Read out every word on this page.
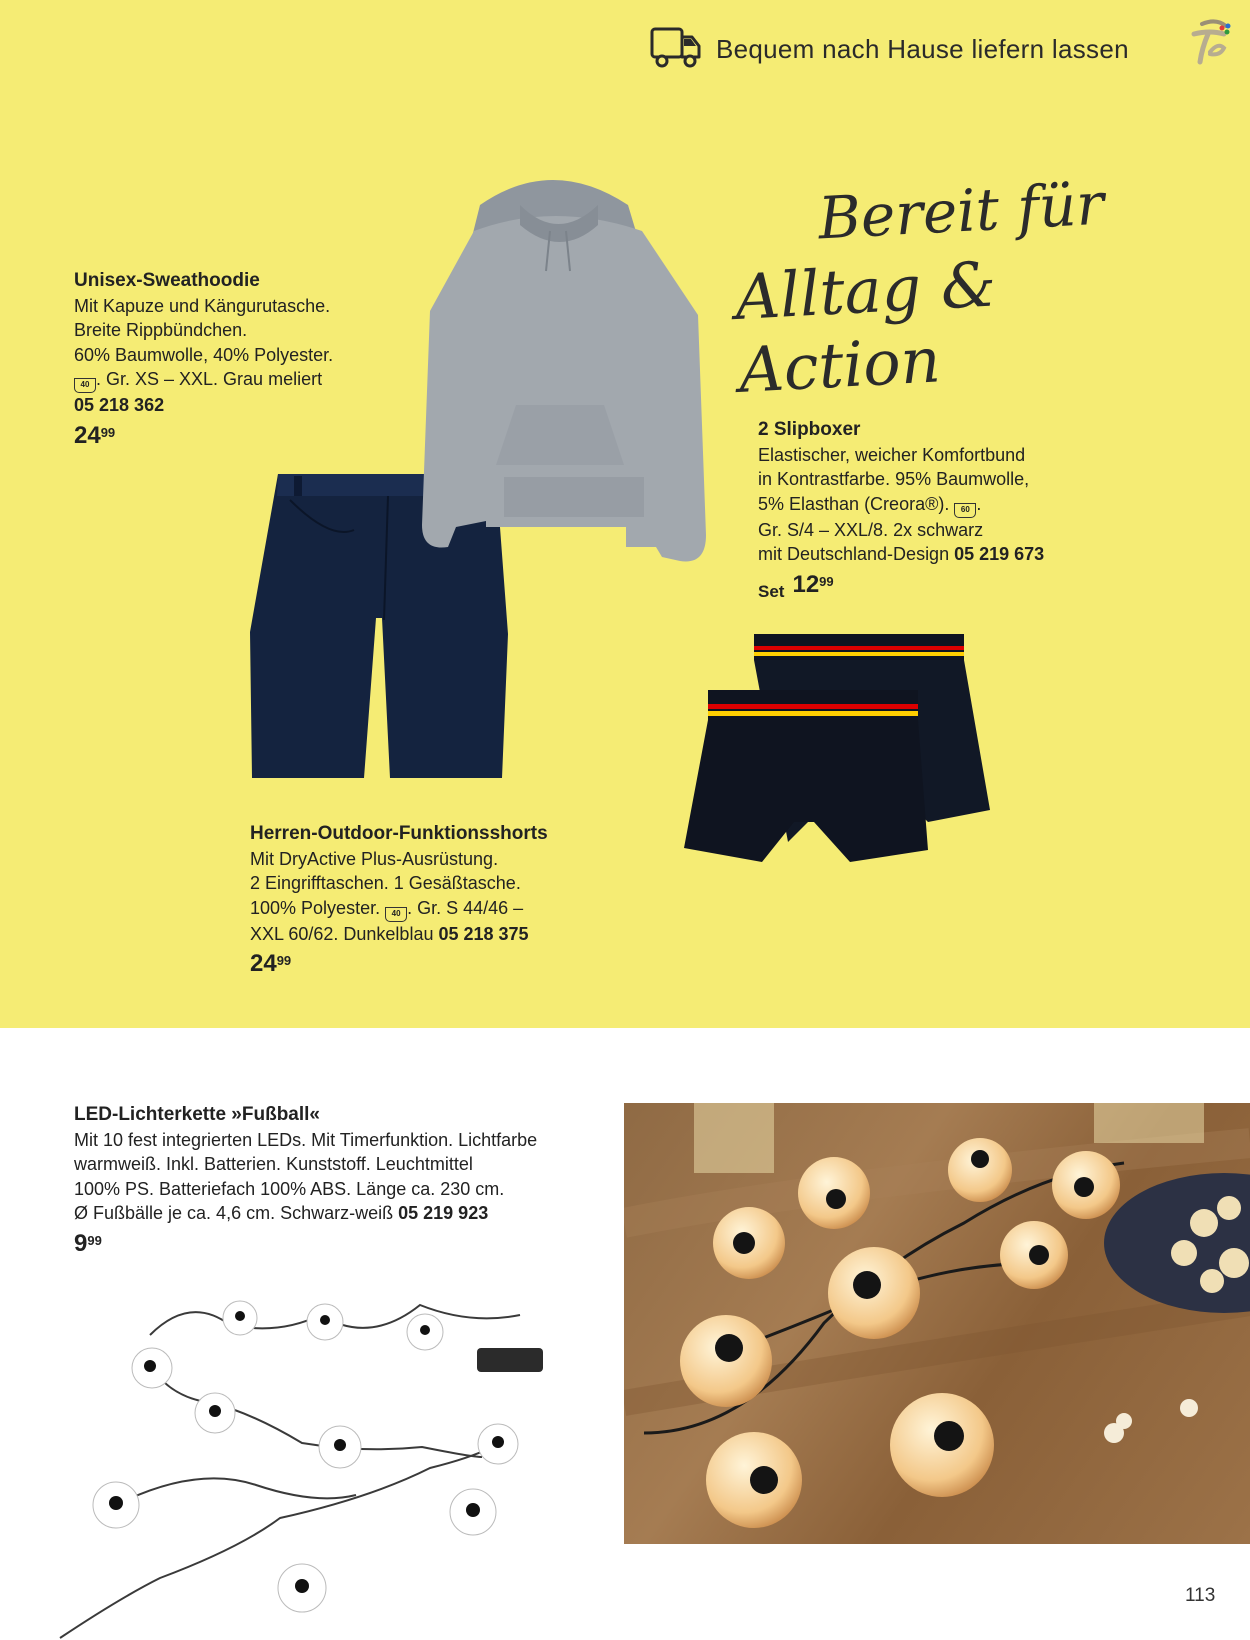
Bequem nach Hause liefern lassen
Bereit für
Alltag & Action
Unisex-Sweathoodie
Mit Kapuze und Kängurutasche.
Breite Rippbündchen.
60% Baumwolle, 40% Polyester.
40 . Gr. XS – XXL. Grau meliert
05 218 362
24 99	2 Slipboxer
Elastischer, weicher Komfortbund
in Kontrastfarbe. 95% Baumwolle,
5% Elasthan (Creora®). 60 .
Gr. S/4 – XXL/8. 2x schwarz
mit Deutschland-Design 05 219 673
Set 12 99
Herren-Outdoor-Funktionsshorts
Mit DryActive Plus-Ausrüstung.
2 Eingrifftaschen. 1 Gesäßtasche.
100% Polyester. 40 . Gr. S 44/46 –
XXL 60/62. Dunkelblau 05 218 375
24 99
LED-Lichterkette »Fußball«
Mit 10 fest integrierten LEDs. Mit Timerfunktion. Lichtfarbe
warmweiß. Inkl. Batterien. Kunststoff. Leuchtmittel
100% PS. Batteriefach 100% ABS. Länge ca. 230 cm.
Ø Fußbälle je ca. 4,6 cm. Schwarz-weiß 05 219 923
9 99
113
